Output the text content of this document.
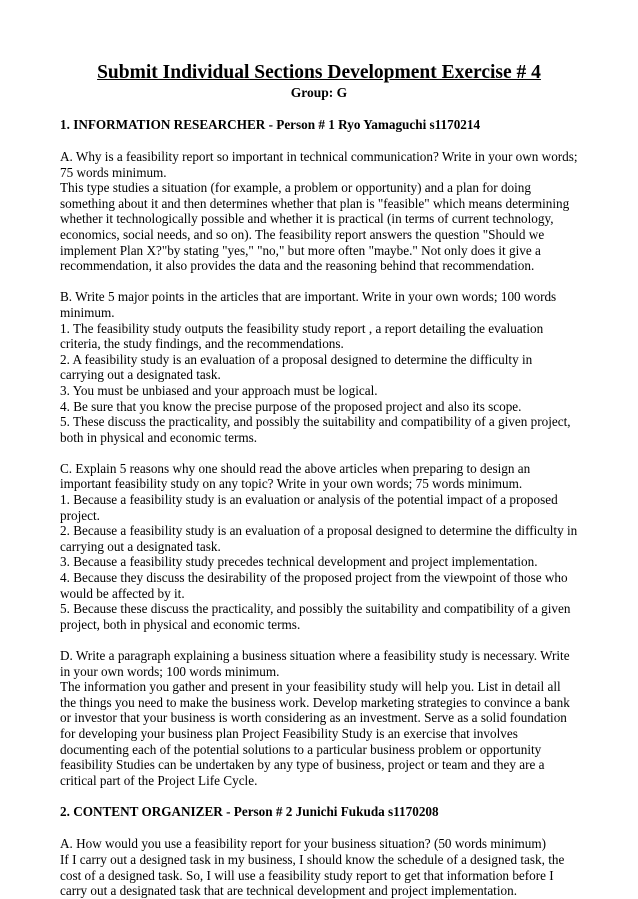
Submit Individual Sections Development Exercise # 4
Group: G
1. INFORMATION RESEARCHER - Person # 1 Ryo Yamaguchi s1170214

A. Why is a feasibility report so important in technical communication? Write in your own words; 75 words minimum.

This type studies a situation (for example, a problem or opportunity) and a plan for doing something about it and then determines whether that plan is "feasible" which means determining whether it technologically possible and whether it is practical (in terms of current technology, economics, social needs, and so on). The feasibility report answers the question "Should we implement Plan X?"by stating "yes," "no," but more often "maybe." Not only does it give a recommendation, it also provides the data and the reasoning behind that recommendation.

B. Write 5 major points in the articles that are important. Write in your own words; 100 words minimum.

1. The feasibility study outputs the feasibility study report , a report detailing the evaluation criteria, the study findings, and the recommendations.

2. A feasibility study is an evaluation of a proposal designed to determine the difficulty in carrying out a designated task.

3. You must be unbiased and your approach must be logical.

4. Be sure that you know the precise purpose of the proposed project and also its scope.

5. These discuss the practicality, and possibly the suitability and compatibility of a given project, both in physical and economic terms.

C. Explain 5 reasons why one should read the above articles when preparing to design an important feasibility study on any topic? Write in your own words; 75 words minimum.

1. Because a feasibility study is an evaluation or analysis of the potential impact of a proposed project.

2. Because a feasibility study is an evaluation of a proposal designed to determine the difficulty in carrying out a designated task.

3. Because a feasibility study precedes technical development and project implementation.

4. Because they discuss the desirability of the proposed project from the viewpoint of those who would be affected by it.

5. Because these discuss the practicality, and possibly the suitability and compatibility of a given project, both in physical and economic terms.

D. Write a paragraph explaining a business situation where a feasibility study is necessary. Write in your own words; 100 words minimum.

The information you gather and present in your feasibility study will help you. List in detail all the things you need to make the business work. Develop marketing strategies to convince a bank or investor that your business is worth considering as an investment. Serve as a solid foundation for developing your business plan Project Feasibility Study is an exercise that involves documenting each of the potential solutions to a particular business problem or opportunity feasibility Studies can be undertaken by any type of business, project or team and they are a critical part of the Project Life Cycle.

2. CONTENT ORGANIZER - Person # 2 Junichi Fukuda s1170208

A. How would you use a feasibility report for your business situation? (50 words minimum)

If I carry out a designed task in my business, I should know the schedule of a designed task, the cost of a designed task. So, I will use a feasibility study report to get that information before I carry out a designated task that are technical development and project implementation.
